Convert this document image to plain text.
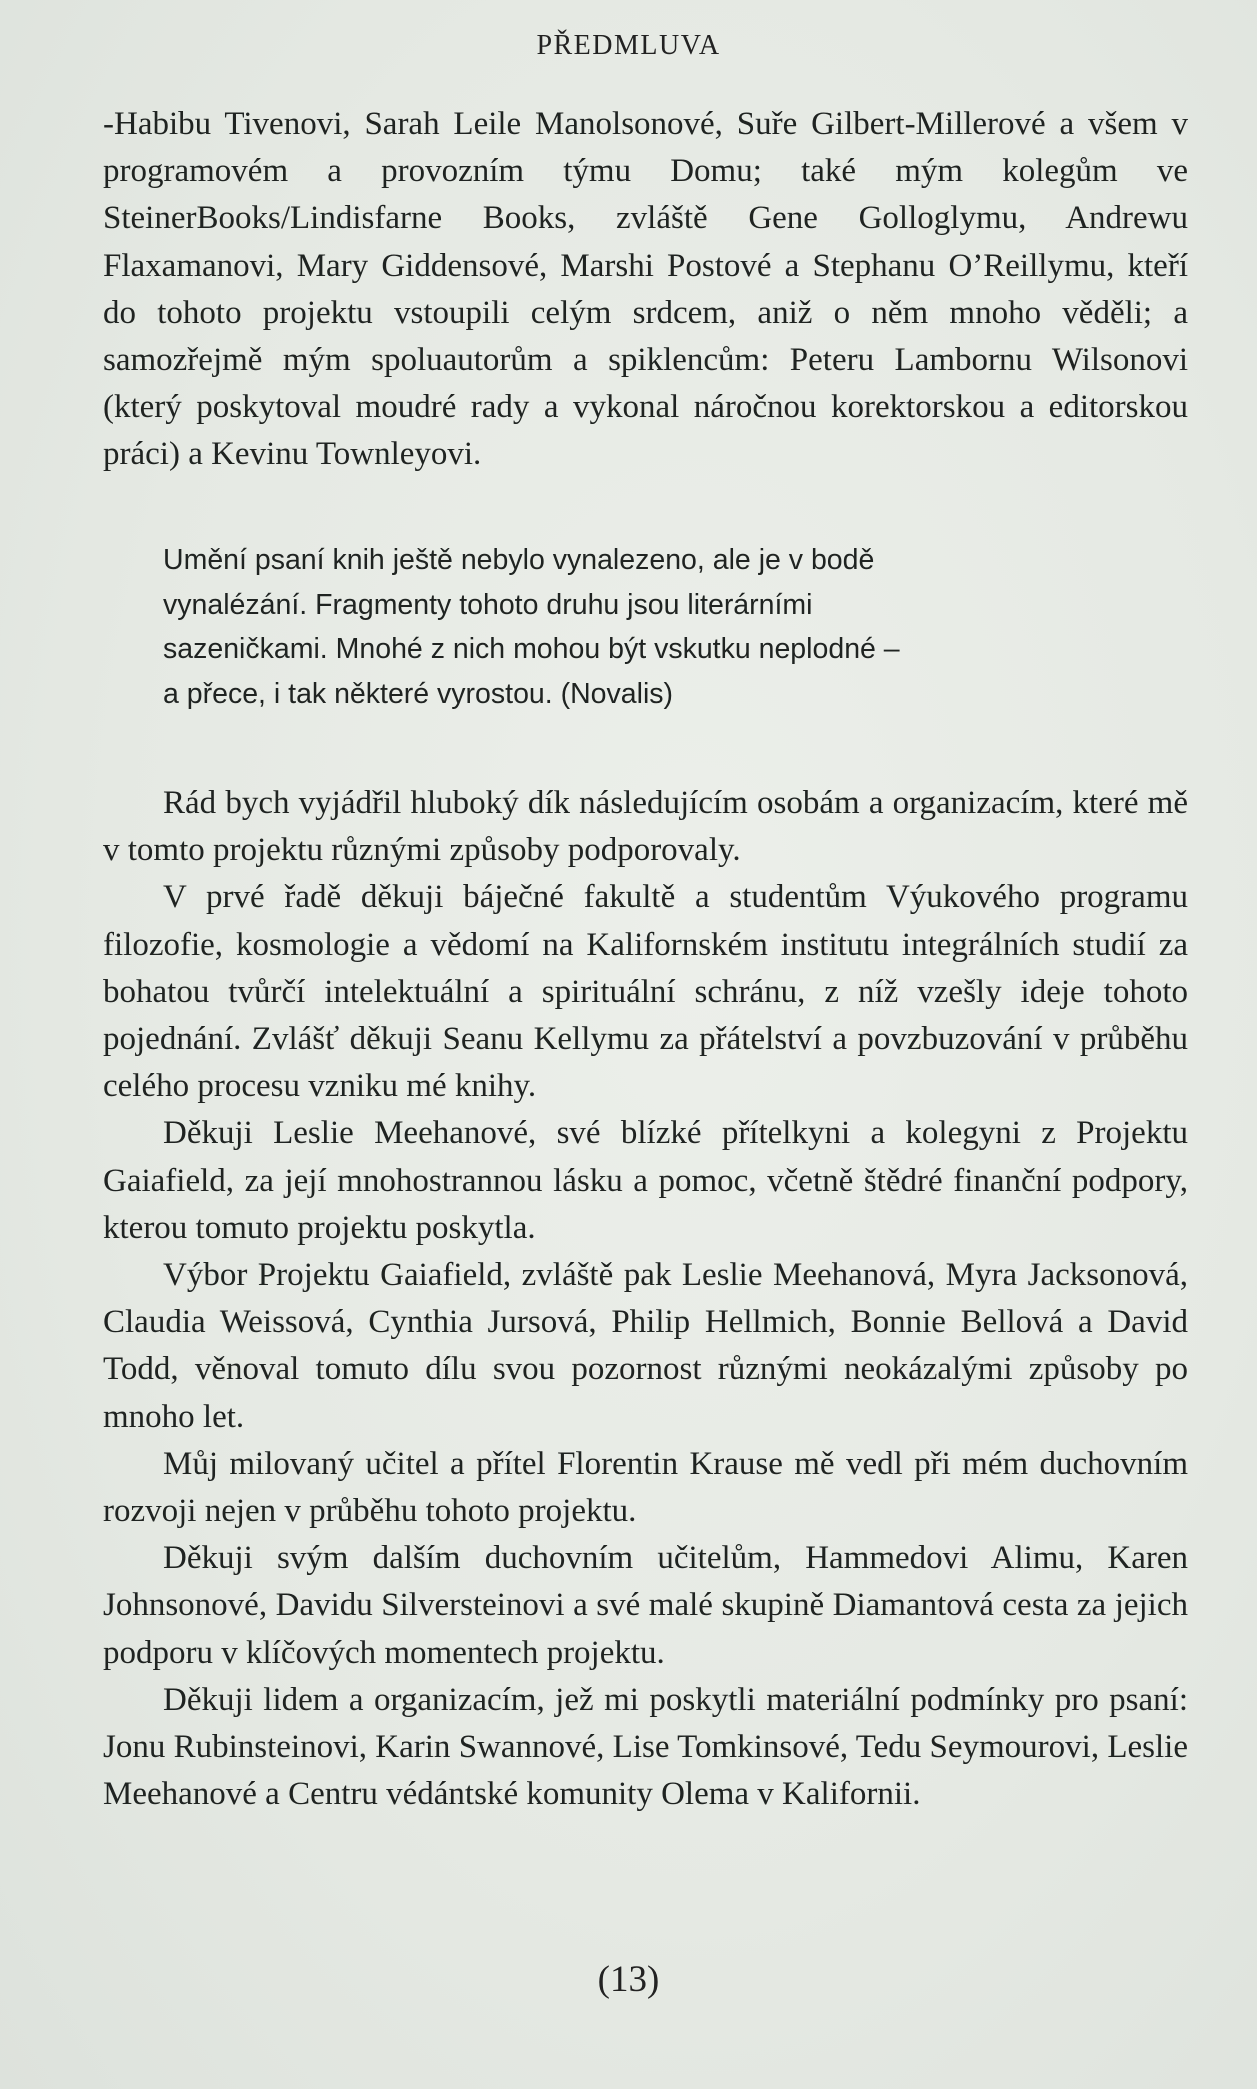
PŘEDMLUVA

-Habibu Tivenovi, Sarah Leile Manolsonové, Suře Gilbert-Millerové a všem v programovém a provozním týmu Domu; také mým kolegům ve SteinerBooks/Lindisfarne Books, zvláště Gene Golloglymu, Andrewu Flaxamanovi, Mary Giddensové, Marshi Postové a Stephanu O’Reillymu, kteří do tohoto projektu vstoupili celým srdcem, aniž o něm mnoho věděli; a samozřejmě mým spoluautorům a spiklencům: Peteru Lambornu Wilsonovi (který poskytoval moudré rady a vykonal náročnou korektorskou a editorskou práci) a Kevinu Townleyovi.

Umění psaní knih ještě nebylo vynalezeno, ale je v bodě

vynalézání. Fragmenty tohoto druhu jsou literárními

sazeničkami. Mnohé z nich mohou být vskutku neplodné –

a přece, i tak některé vyrostou. (Novalis)

Rád bych vyjádřil hluboký dík následujícím osobám a organizacím, které mě v tomto projektu různými způsoby podporovaly.

V prvé řadě děkuji báječné fakultě a studentům Výukového programu filozofie, kosmologie a vědomí na Kalifornském institutu integrálních studií za bohatou tvůrčí intelektuální a spirituální schránu, z níž vzešly ideje tohoto pojednání. Zvlášť děkuji Seanu Kellymu za přátelství a povzbuzování v průběhu celého procesu vzniku mé knihy.

Děkuji Leslie Meehanové, své blízké přítelkyni a kolegyni z Projektu Gaiafield, za její mnohostrannou lásku a pomoc, včetně štědré finanční podpory, kterou tomuto projektu poskytla.

Výbor Projektu Gaiafield, zvláště pak Leslie Meehanová, Myra Jacksonová, Claudia Weissová, Cynthia Jursová, Philip Hellmich, Bonnie Bellová a David Todd, věnoval tomuto dílu svou pozornost různými neokázalými způsoby po mnoho let.

Můj milovaný učitel a přítel Florentin Krause mě vedl při mém duchovním rozvoji nejen v průběhu tohoto projektu.

Děkuji svým dalším duchovním učitelům, Hammedovi Alimu, Karen Johnsonové, Davidu Silversteinovi a své malé skupině Diamantová cesta za jejich podporu v klíčových momentech projektu.

Děkuji lidem a organizacím, jež mi poskytli materiální podmínky pro psaní: Jonu Rubinsteinovi, Karin Swannové, Lise Tomkinsové, Tedu Seymourovi, Leslie Meehanové a Centru védántské komunity Olema v Kalifornii.

(13)
